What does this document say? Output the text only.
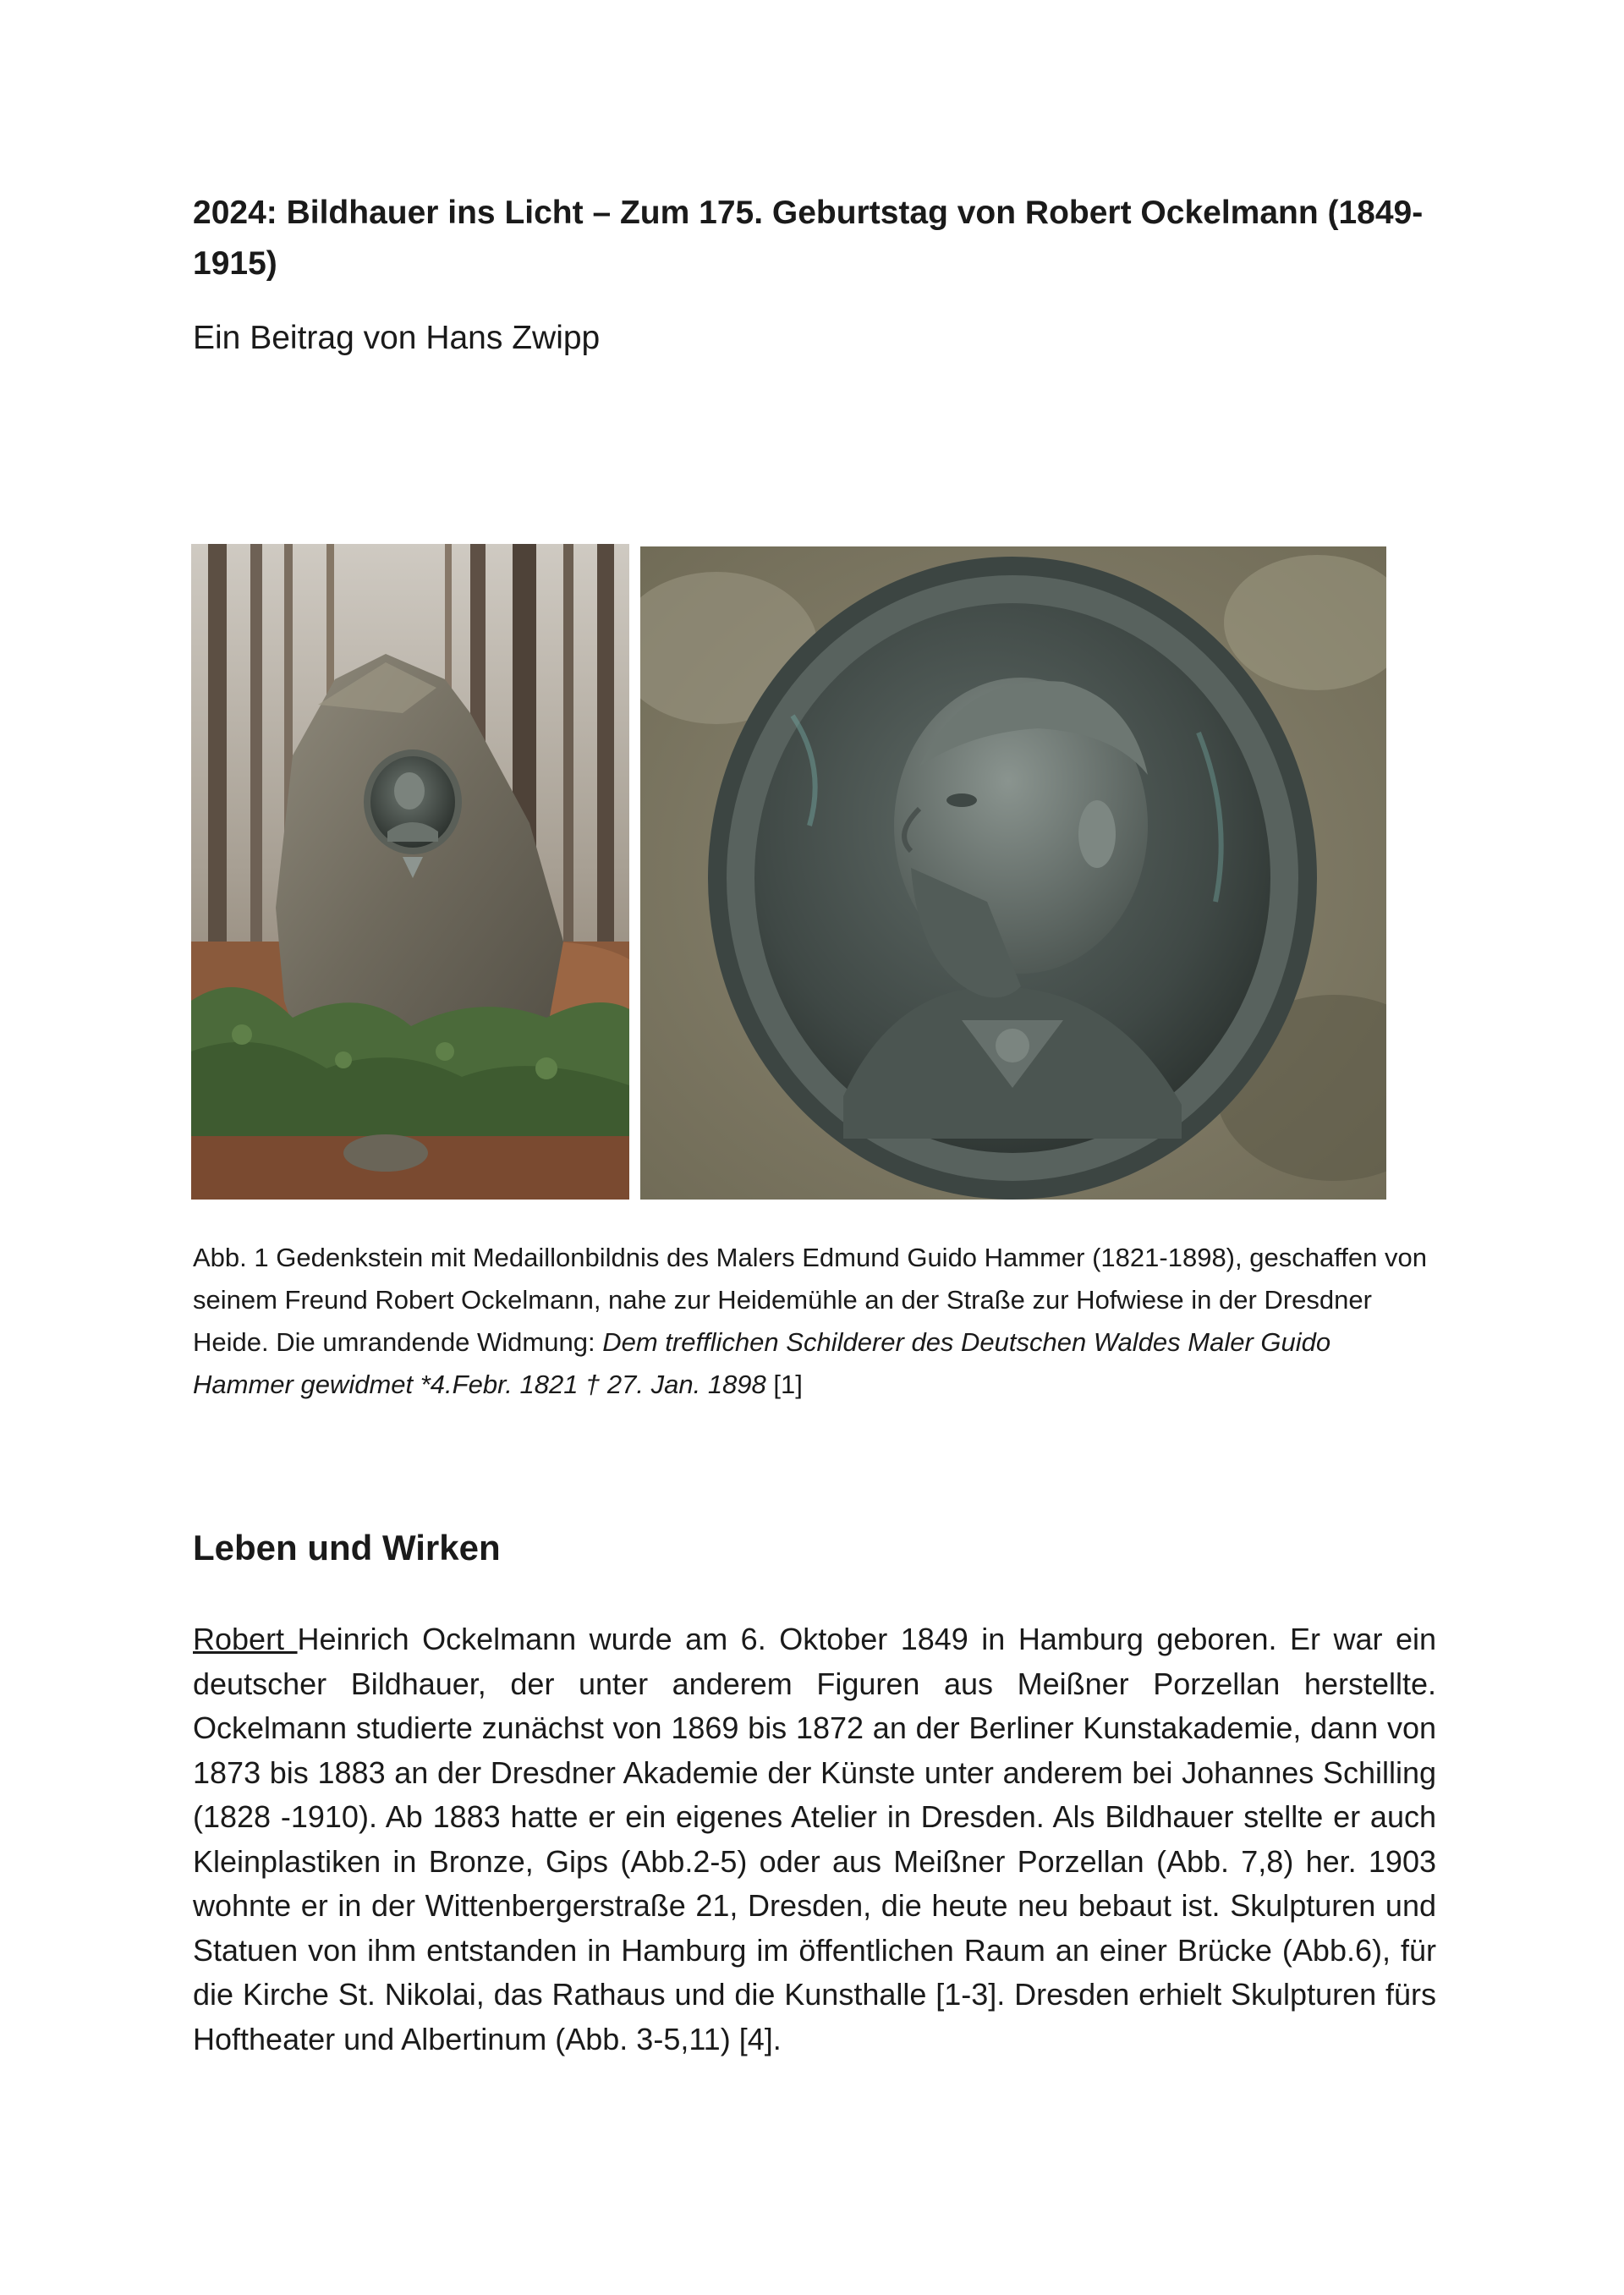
2024: Bildhauer ins Licht – Zum 175. Geburtstag von Robert Ockelmann (1849-1915)

Ein Beitrag von Hans Zwipp

Abb. 1 Gedenkstein mit Medaillonbildnis des Malers Edmund Guido Hammer (1821-1898), geschaffen von seinem Freund Robert Ockelmann, nahe zur Heidemühle an der Straße zur Hofwiese in der Dresdner Heide. Die umrandende Widmung: Dem trefflichen Schilderer des Deutschen Waldes Maler Guido Hammer gewidmet *4.Febr. 1821 † 27. Jan. 1898 [1]

Leben und Wirken

Robert Heinrich Ockelmann wurde am 6. Oktober 1849 in Hamburg geboren. Er war ein deutscher Bildhauer, der unter anderem Figuren aus Meißner Porzellan herstellte. Ockelmann studierte zunächst von 1869 bis 1872 an der Berliner Kunstakademie, dann von 1873 bis 1883 an der Dresdner Akademie der Künste unter anderem bei Johannes Schilling (1828 -1910). Ab 1883 hatte er ein eigenes Atelier in Dresden. Als Bildhauer stellte er auch Kleinplastiken in Bronze, Gips (Abb.2-5) oder aus Meißner Porzellan (Abb. 7,8) her. 1903 wohnte er in der Wittenbergerstraße 21, Dresden, die heute neu bebaut ist. Skulpturen und Statuen von ihm entstanden in Hamburg im öffentlichen Raum an einer Brücke (Abb.6), für die Kirche St. Nikolai, das Rathaus und die Kunsthalle [1-3]. Dresden erhielt Skulpturen fürs Hoftheater und Albertinum (Abb. 3-5,11) [4].
